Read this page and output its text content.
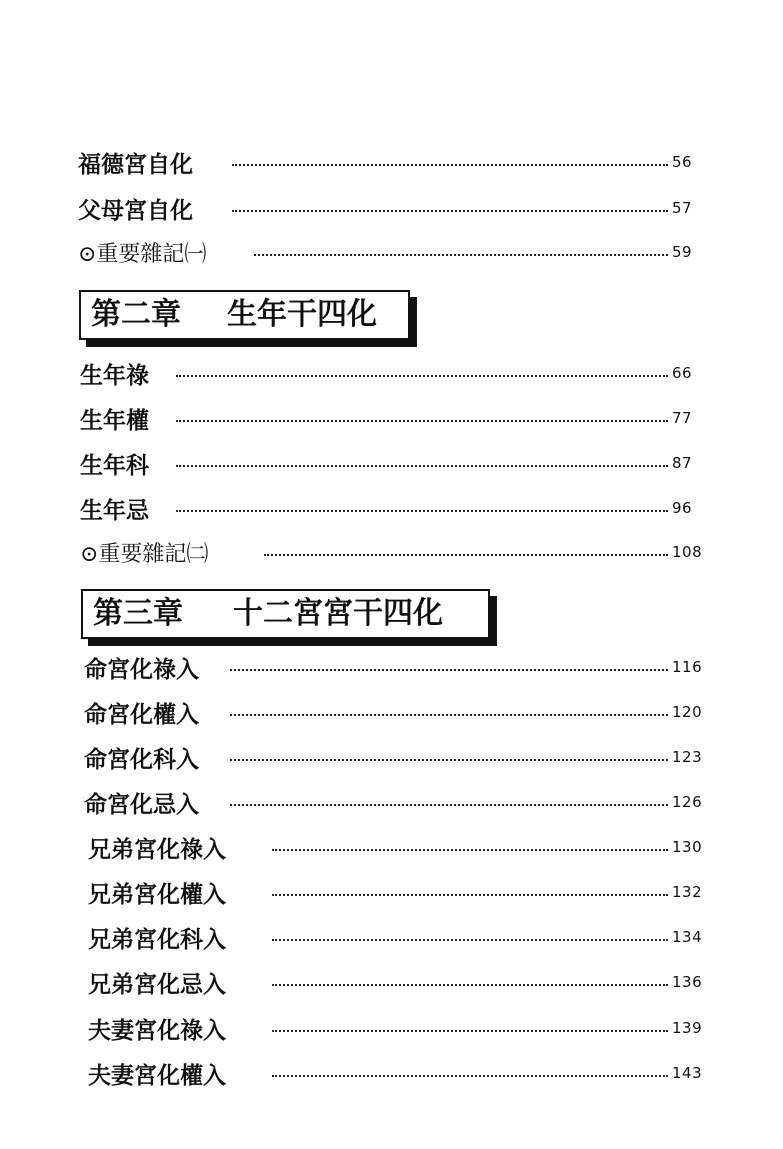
福德宮自化	56
父母宮自化	57
⊙重要雜記㈠	59
第二章 生年干四化
生年祿	66
生年權	77
生年科	87
生年忌	96
⊙重要雜記㈡	108
第三章 十二宮宮干四化
命宮化祿入	116
命宮化權入	120
命宮化科入	123
命宮化忌入	126
兄弟宮化祿入	130
兄弟宮化權入	132
兄弟宮化科入	134
兄弟宮化忌入	136
夫妻宮化祿入	139
夫妻宮化權入	143
